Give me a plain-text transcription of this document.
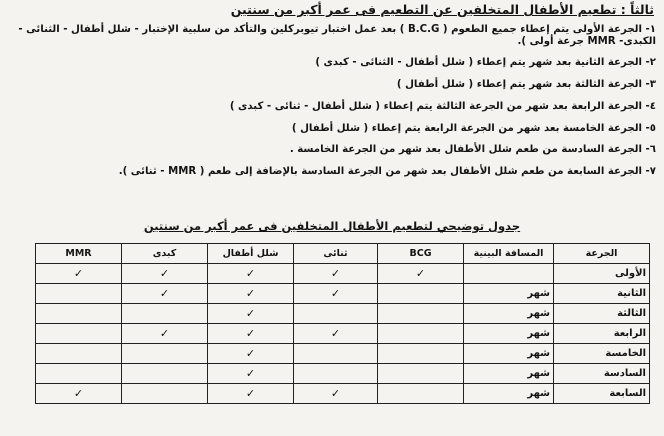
ثالثاً : تطعيم الأطفال المتخلفين عن التطعيم فى عمر أكبر من سنتين
١- الجرعة الأولى يتم إعطاء جميع الطعوم ( B.C.G ) بعد عمل اختبار تيوبركلين والتأكد من سلبية الإختبار - شلل أطفال - الثنائى - الكبدى- MMR جرعة أولى ).
٢- الجرعة الثانية بعد شهر يتم إعطاء ( شلل أطفال - الثنائى - كبدى )
٣- الجرعة الثالثة بعد شهر يتم إعطاء ( شلل أطفال )
٤- الجرعة الرابعة بعد شهر من الجرعة الثالثة يتم إعطاء ( شلل أطفال - ثنائى - كبدى )
٥- الجرعة الخامسة بعد شهر من الجرعة الرابعة يتم إعطاء ( شلل أطفال )
٦- الجرعة السادسة من طعم شلل الأطفال بعد شهر من الجرعة الخامسة .
٧- الجرعة السابعة من طعم شلل الأطفال بعد شهر من الجرعة السادسة بالإضافة إلى طعم ( MMR - ثنائى ).
جدول توضيحي لتطعيم الأطفال المتخلفين فى عمر أكبر من سنتين
الجرعة	المسافة البينية	BCG	ثنائى	شلل أطفال	كبدى	MMR
الأولى		✓	✓	✓	✓	✓
الثانية	شهر		✓	✓	✓	
الثالثة	شهر			✓		
الرابعة	شهر		✓	✓	✓	
الخامسة	شهر			✓		
السادسة	شهر			✓		
السابعة	شهر		✓	✓		✓
